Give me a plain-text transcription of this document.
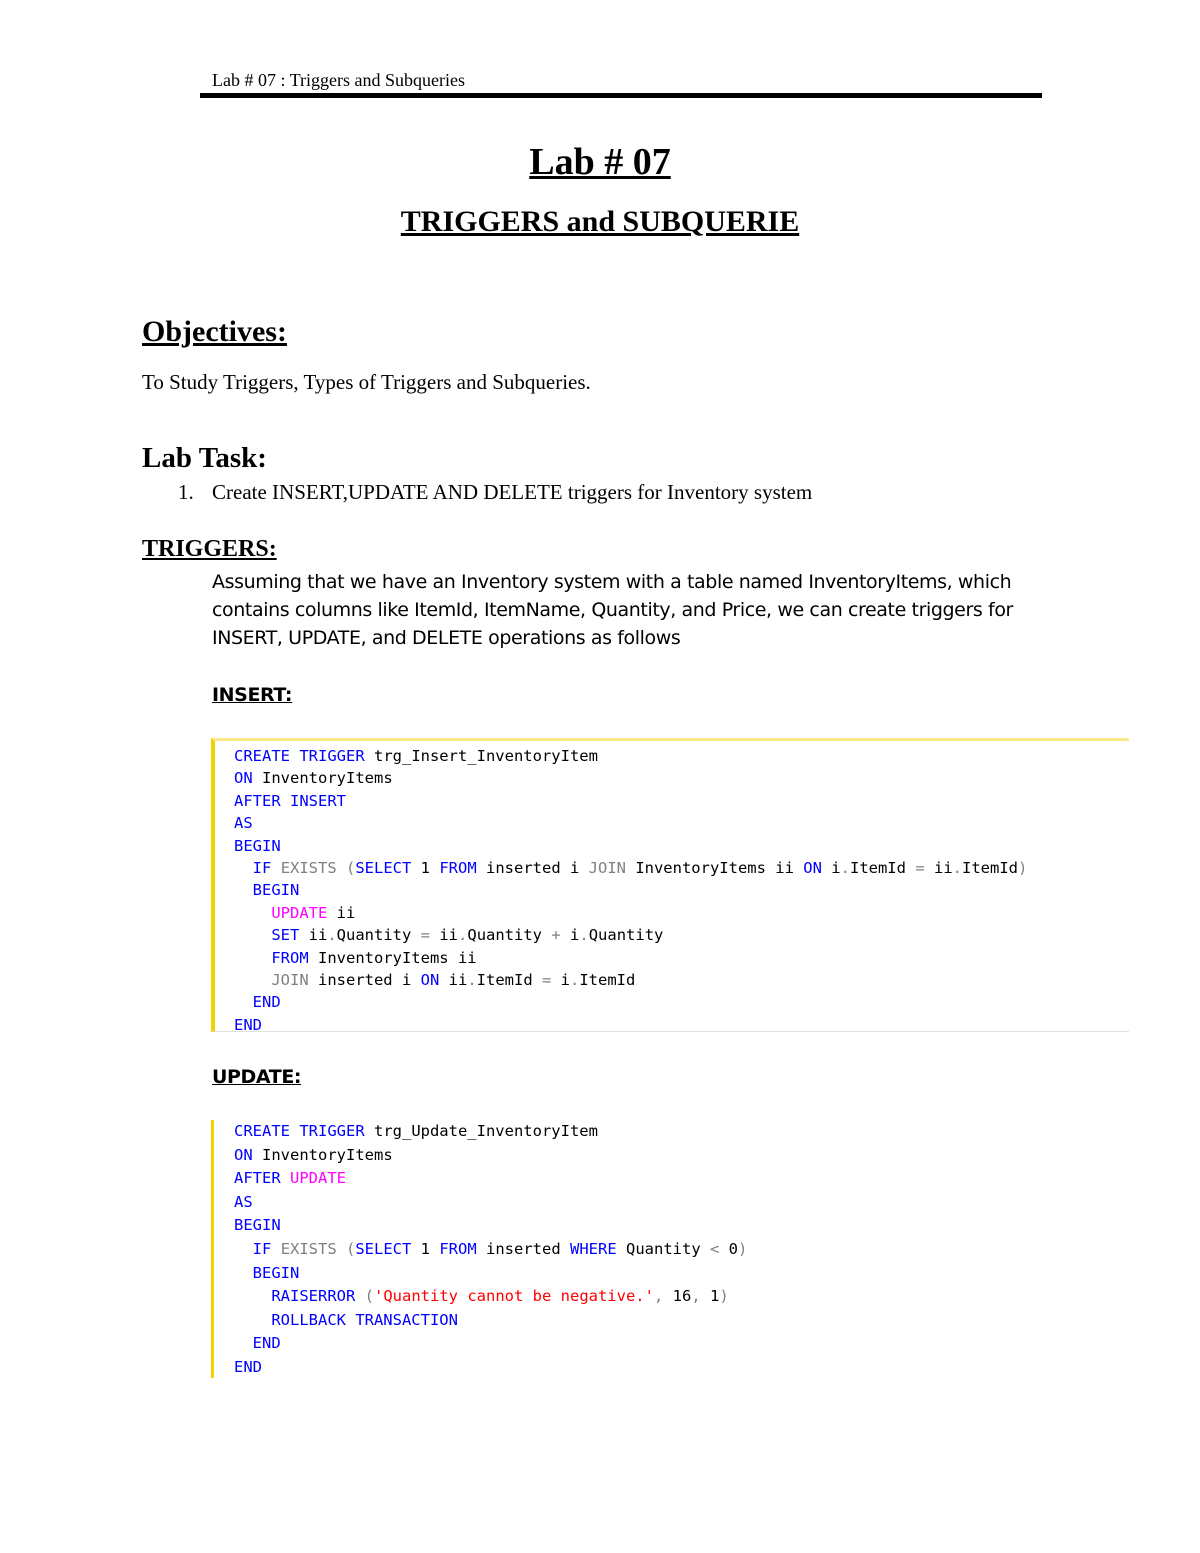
Lab # 07 : Triggers and Subqueries
Lab # 07
TRIGGERS and SUBQUERIE
Objectives:
To Study Triggers, Types of Triggers and Subqueries.
Lab Task:
1. Create INSERT,UPDATE AND DELETE triggers for Inventory system
TRIGGERS:
Assuming that we have an Inventory system with a table named InventoryItems, which
contains columns like ItemId, ItemName, Quantity, and Price, we can create triggers for
INSERT, UPDATE, and DELETE operations as follows
INSERT:
CREATE TRIGGER trg_Insert_InventoryItem
ON InventoryItems
AFTER INSERT
AS
BEGIN
IF EXISTS (SELECT 1 FROM inserted i JOIN InventoryItems ii ON i.ItemId = ii.ItemId)
BEGIN
UPDATE ii
SET ii.Quantity = ii.Quantity + i.Quantity
FROM InventoryItems ii
JOIN inserted i ON ii.ItemId = i.ItemId
END
END
UPDATE:
CREATE TRIGGER trg_Update_InventoryItem
ON InventoryItems
AFTER UPDATE
AS
BEGIN
IF EXISTS (SELECT 1 FROM inserted WHERE Quantity < 0)
BEGIN
RAISERROR ('Quantity cannot be negative.', 16, 1)
ROLLBACK TRANSACTION
END
END
